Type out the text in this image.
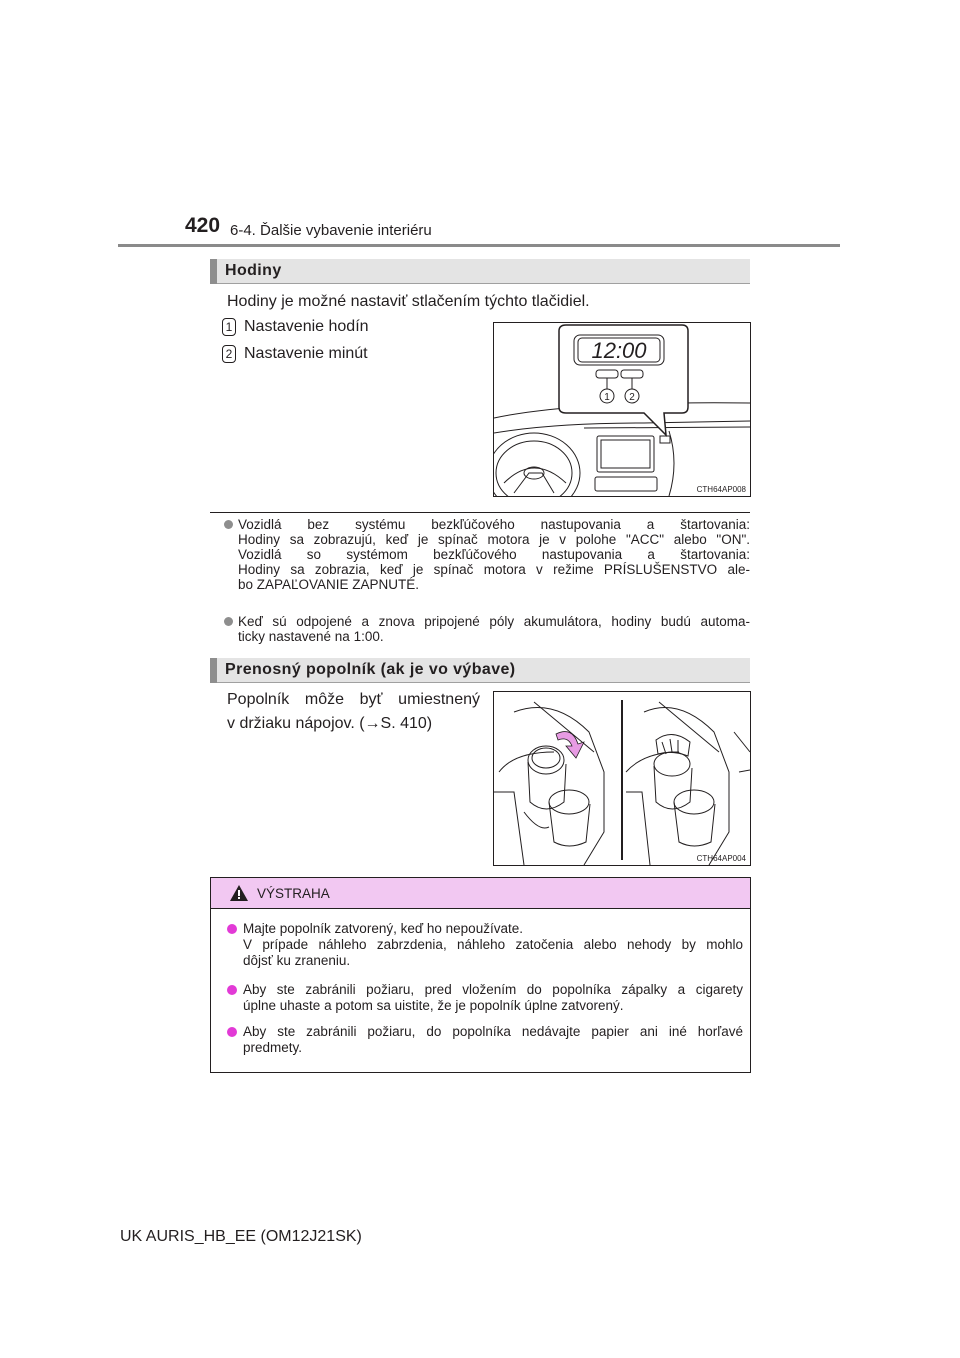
420 6-4. Ďalšie vybavenie interiéru
Hodiny
Hodiny je možné nastaviť stlačením týchto tlačidiel.
1 Nastavenie hodín
2 Nastavenie minút	12:00
1 2
CTH64AP008
Vozidlá bez systému bezkľúčového nastupovania a štartovania:
Hodiny sa zobrazujú, keď je spínač motora je v polohe "ACC" alebo "ON".
Vozidlá so systémom bezkľúčového nastupovania a štartovania:
Hodiny sa zobrazia, keď je spínač motora v režime PRÍSLUŠENSTVO ale-
bo ZAPAĽOVANIE ZAPNUTÉ.
Keď sú odpojené a znova pripojené póly akumulátora, hodiny budú automa-
ticky nastavené na 1:00.
Prenosný popolník (ak je vo výbave)
Popolník môže byť umiestnený
v držiaku nápojov. (→S. 410)
CTH64AP004
VÝSTRAHA
Majte popolník zatvorený, keď ho nepoužívate.
V prípade náhleho zabrzdenia, náhleho zatočenia alebo nehody by mohlo
dôjsť ku zraneniu.
Aby ste zabránili požiaru, pred vložením do popolníka zápalky a cigarety
úplne uhaste a potom sa uistite, že je popolník úplne zatvorený.
Aby ste zabránili požiaru, do popolníka nedávajte papier ani iné horľavé
predmety.
UK AURIS_HB_EE (OM12J21SK)
